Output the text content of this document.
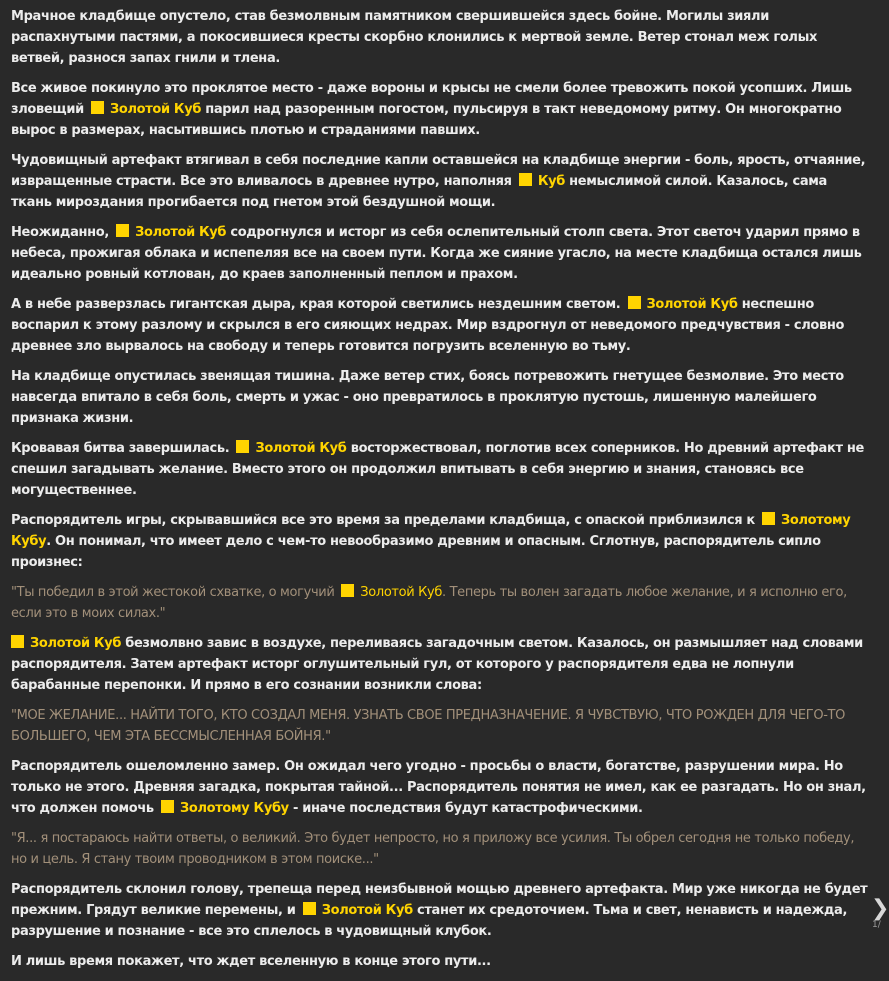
Мрачное кладбище опустело, став безмолвным памятником свершившейся здесь бойне. Могилы зияли распахнутыми пастями, а покосившиеся кресты скорбно клонились к мертвой земле. Ветер стонал меж голых ветвей, разнося запах гнили и тлена.

Все живое покинуло это проклятое место - даже вороны и крысы не смели более тревожить покой усопших. Лишь зловещий Золотой Куб парил над разоренным погостом, пульсируя в такт неведомому ритму. Он многократно вырос в размерах, насытившись плотью и страданиями павших.

Чудовищный артефакт втягивал в себя последние капли оставшейся на кладбище энергии - боль, ярость, отчаяние, извращенные страсти. Все это вливалось в древнее нутро, наполняя Куб немыслимой силой. Казалось, сама ткань мироздания прогибается под гнетом этой бездушной мощи.

Неожиданно, Золотой Куб содрогнулся и исторг из себя ослепительный столп света. Этот светоч ударил прямо в небеса, прожигая облака и испепеляя все на своем пути. Когда же сияние угасло, на месте кладбища остался лишь идеально ровный котлован, до краев заполненный пеплом и прахом.

А в небе разверзлась гигантская дыра, края которой светились нездешним светом. Золотой Куб неспешно воспарил к этому разлому и скрылся в его сияющих недрах. Мир вздрогнул от неведомого предчувствия - словно древнее зло вырвалось на свободу и теперь готовится погрузить вселенную во тьму.

На кладбище опустилась звенящая тишина. Даже ветер стих, боясь потревожить гнетущее безмолвие. Это место навсегда впитало в себя боль, смерть и ужас - оно превратилось в проклятую пустошь, лишенную малейшего признака жизни.

Кровавая битва завершилась. Золотой Куб восторжествовал, поглотив всех соперников. Но древний артефакт не спешил загадывать желание. Вместо этого он продолжил впитывать в себя энергию и знания, становясь все могущественнее.

Распорядитель игры, скрывавшийся все это время за пределами кладбища, с опаской приблизился к Золотому Кубу. Он понимал, что имеет дело с чем-то невообразимо древним и опасным. Сглотнув, распорядитель сипло произнес:

"Ты победил в этой жестокой схватке, о могучий Золотой Куб. Теперь ты волен загадать любое желание, и я исполню его, если это в моих силах."

Золотой Куб безмолвно завис в воздухе, переливаясь загадочным светом. Казалось, он размышляет над словами распорядителя. Затем артефакт исторг оглушительный гул, от которого у распорядителя едва не лопнули барабанные перепонки. И прямо в его сознании возникли слова:

"МОЕ ЖЕЛАНИЕ... НАЙТИ ТОГО, КТО СОЗДАЛ МЕНЯ. УЗНАТЬ СВОЕ ПРЕДНАЗНАЧЕНИЕ. Я ЧУВСТВУЮ, ЧТО РОЖДЕН ДЛЯ ЧЕГО-ТО БОЛЬШЕГО, ЧЕМ ЭТА БЕССМЫСЛЕННАЯ БОЙНЯ."

Распорядитель ошеломленно замер. Он ожидал чего угодно - просьбы о власти, богатстве, разрушении мира. Но только не этого. Древняя загадка, покрытая тайной... Распорядитель понятия не имел, как ее разгадать. Но он знал, что должен помочь Золотому Кубу - иначе последствия будут катастрофическими.

"Я... я постараюсь найти ответы, о великий. Это будет непросто, но я приложу все усилия. Ты обрел сегодня не только победу, но и цель. Я стану твоим проводником в этом поиске..."

Распорядитель склонил голову, трепеща перед неизбывной мощью древнего артефакта. Мир уже никогда не будет прежним. Грядут великие перемены, и Золотой Куб станет их средоточием. Тьма и свет, ненависть и надежда, разрушение и познание - все это сплелось в чудовищный клубок.

И лишь время покажет, что ждет вселенную в конце этого пути...

❯
1/
